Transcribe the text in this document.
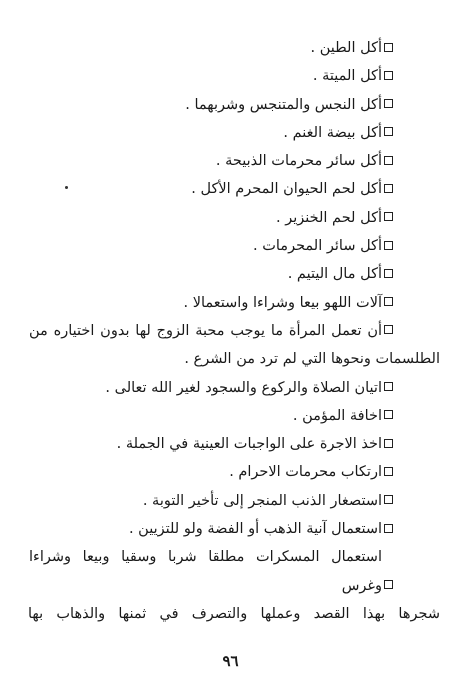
أكل الطين .
أكل الميتة .
أكل النجس والمتنجس وشربهما .
أكل بيضة الغنم .
أكل سائر محرمات الذبيحة .
أكل لحم الحيوان المحرم الأكل .
أكل لحم الخنزير .
أكل سائر المحرمات .
أكل مال اليتيم .
آلات اللهو بيعا وشراءا واستعمالا .
أن تعمل المرأة ما يوجب محبة الزوج لها بدون اختياره من
الطلسمات ونحوها التي لم ترد من الشرع .
اتيان الصلاة والركوع والسجود لغير الله تعالى .
اخافة المؤمن .
اخذ الاجرة على الواجبات العينية في الجملة .
ارتكاب محرمات الاحرام .
استصغار الذنب المنجر إلى تأخير التوبة .
استعمال آنية الذهب أو الفضة ولو للتزيين .
استعمال المسكرات مطلقا شربا وسقيا وبيعا وشراءا وغرس
شجرها بهذا القصد وعملها والتصرف في ثمنها والذهاب بها
٩٦
